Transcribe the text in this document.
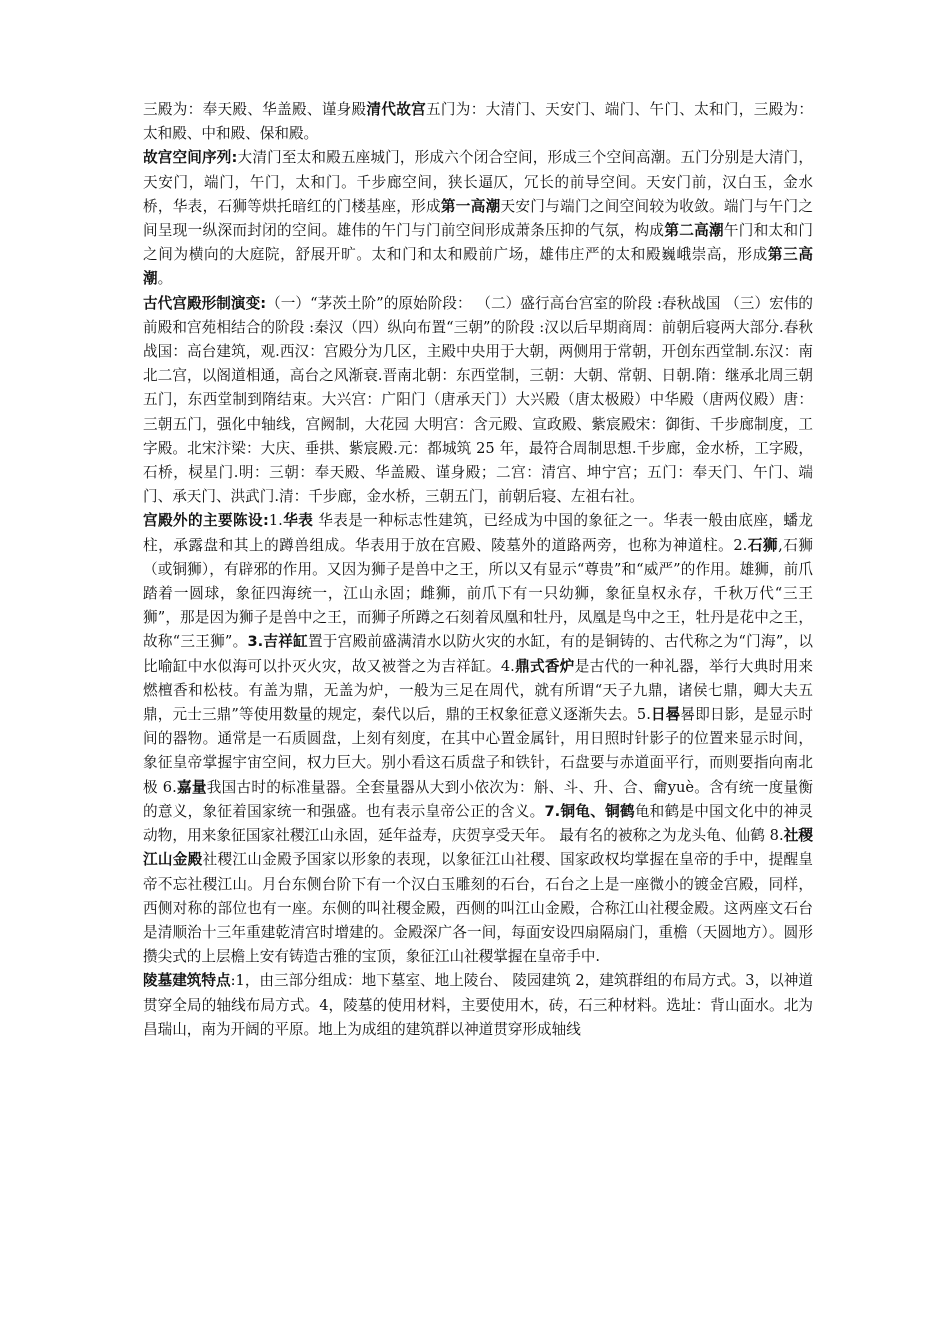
三殿为：奉天殿、华盖殿、谨身殿清代故宫五门为：大清门、天安门、端门、午门、太和门，三殿为：太和殿、中和殿、保和殿。

故宫空间序列:大清门至太和殿五座城门，形成六个闭合空间，形成三个空间高潮。五门分别是大清门，天安门，端门，午门，太和门。千步廊空间，狭长逼仄，冗长的前导空间。天安门前，汉白玉，金水桥，华表，石狮等烘托暗红的门楼基座，形成第一高潮天安门与端门之间空间较为收敛。端门与午门之间呈现一纵深而封闭的空间。雄伟的午门与门前空间形成萧条压抑的气氛，构成第二高潮午门和太和门之间为横向的大庭院，舒展开旷。太和门和太和殿前广场，雄伟庄严的太和殿巍峨崇高，形成第三高潮。

古代宫殿形制演变:（一）“茅茨土阶”的原始阶段： （二）盛行高台宫室的阶段 :春秋战国 （三）宏伟的前殿和宫苑相结合的阶段 :秦汉（四）纵向布置“三朝”的阶段 :汉以后早期商周：前朝后寝两大部分.春秋战国：高台建筑，观.西汉：宫殿分为几区，主殿中央用于大朝，两侧用于常朝，开创东西堂制.东汉：南北二宫，以阁道相通，高台之风渐衰.晋南北朝：东西堂制，三朝：大朝、常朝、日朝.隋：继承北周三朝五门，东西堂制到隋结束。大兴宫：广阳门（唐承天门）大兴殿（唐太极殿）中华殿（唐两仪殿）唐：三朝五门，强化中轴线，宫阙制，大花园 大明宫：含元殿、宣政殿、紫宸殿宋：御街、千步廊制度，工字殿。北宋汴梁：大庆、垂拱、紫宸殿.元：都城筑 25 年，最符合周制思想.千步廊，金水桥，工字殿，石桥，棂星门.明：三朝：奉天殿、华盖殿、谨身殿；二宫：清宫、坤宁宫；五门：奉天门、午门、端门、承天门、洪武门.清：千步廊，金水桥，三朝五门，前朝后寝、左祖右社。

宫殿外的主要陈设:1.华表 华表是一种标志性建筑，已经成为中国的象征之一。华表一般由底座，蟠龙柱，承露盘和其上的蹲兽组成。华表用于放在宫殿、陵墓外的道路两旁，也称为神道柱。2.石狮,石狮（或铜狮），有辟邪的作用。又因为狮子是兽中之王，所以又有显示“尊贵”和“威严”的作用。雄狮，前爪踏着一圆球，象征四海统一，江山永固；雌狮，前爪下有一只幼狮，象征皇权永存，千秋万代“三王狮”，那是因为狮子是兽中之王，而狮子所蹲之石刻着凤凰和牡丹，凤凰是鸟中之王，牡丹是花中之王，故称“三王狮”。3.吉祥缸置于宫殿前盛满清水以防火灾的水缸，有的是铜铸的、古代称之为“门海”，以比喻缸中水似海可以扑灭火灾，故又被誉之为吉祥缸。4.鼎式香炉是古代的一种礼器，举行大典时用来燃檀香和松枝。有盖为鼎，无盖为炉，一般为三足在周代，就有所谓“天子九鼎，诸侯七鼎，卿大夫五鼎，元士三鼎”等使用数量的规定，秦代以后，鼎的王权象征意义逐渐失去。5.日晷晷即日影，是显示时间的器物。通常是一石质圆盘，上刻有刻度，在其中心置金属针，用日照时针影子的位置来显示时间，象征皇帝掌握宇宙空间，权力巨大。别小看这石质盘子和铁针，石盘要与赤道面平行，而则要指向南北极 6.嘉量我国古时的标准量器。全套量器从大到小依次为：斛、斗、升、合、龠yuè。含有统一度量衡的意义，象征着国家统一和强盛。也有表示皇帝公正的含义。7.铜龟、铜鹤龟和鹤是中国文化中的神灵动物，用来象征国家社稷江山永固，延年益寿，庆贺享受天年。 最有名的被称之为龙头龟、仙鹤 8.社稷江山金殿社稷江山金殿予国家以形象的表现，以象征江山社稷、国家政权均掌握在皇帝的手中，提醒皇帝不忘社稷江山。月台东侧台阶下有一个汉白玉雕刻的石台，石台之上是一座微小的镀金宫殿，同样，西侧对称的部位也有一座。东侧的叫社稷金殿，西侧的叫江山金殿，合称江山社稷金殿。这两座文石台是清顺治十三年重建乾清宫时增建的。金殿深广各一间，每面安设四扇隔扇门，重檐（天圆地方）。圆形攒尖式的上层檐上安有铸造古雅的宝顶，象征江山社稷掌握在皇帝手中.

陵墓建筑特点:1，由三部分组成：地下墓室、地上陵台、 陵园建筑 2，建筑群组的布局方式。3，以神道贯穿全局的轴线布局方式。4，陵墓的使用材料，主要使用木，砖，石三种材料。选址：背山面水。北为昌瑞山，南为开阔的平原。地上为成组的建筑群以神道贯穿形成轴线
